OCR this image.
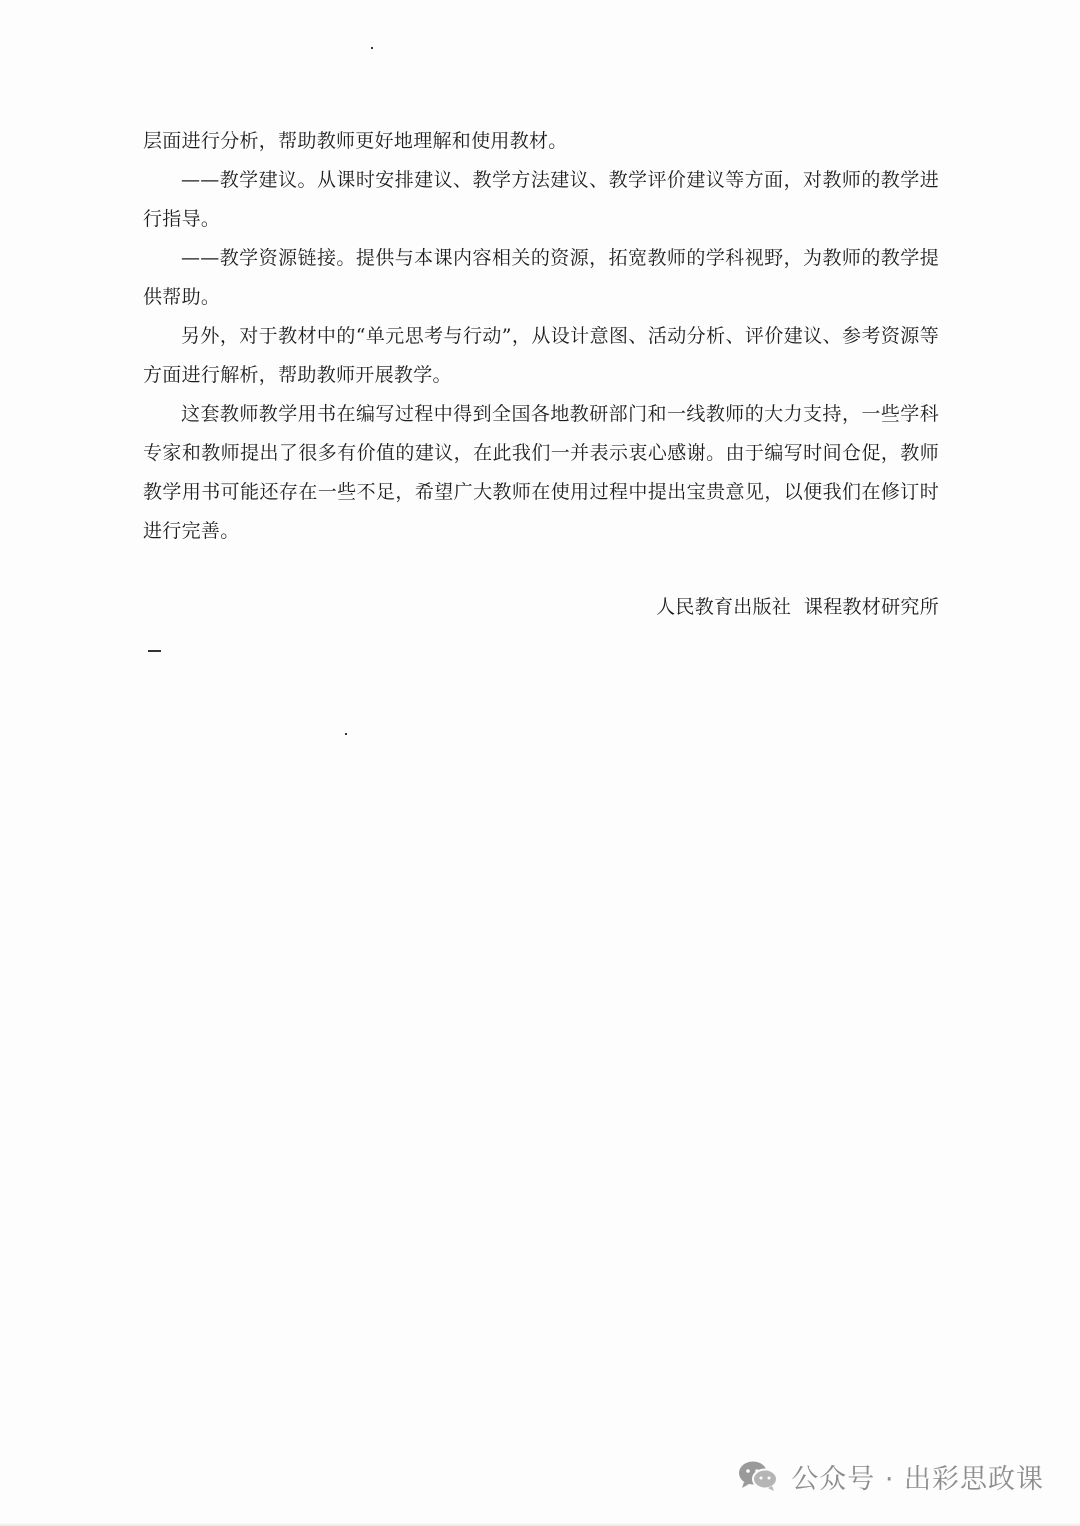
层面进行分析，帮助教师更好地理解和使用教材。

——教学建议。从课时安排建议、教学方法建议、教学评价建议等方面，对教师的教学进行指导。

——教学资源链接。提供与本课内容相关的资源，拓宽教师的学科视野，为教师的教学提供帮助。

另外，对于教材中的“单元思考与行动”，从设计意图、活动分析、评价建议、参考资源等方面进行解析，帮助教师开展教学。

这套教师教学用书在编写过程中得到全国各地教研部门和一线教师的大力支持，一些学科专家和教师提出了很多有价值的建议，在此我们一并表示衷心感谢。由于编写时间仓促，教师教学用书可能还存在一些不足，希望广大教师在使用过程中提出宝贵意见，以便我们在修订时进行完善。

人民教育出版社  课程教材研究所
公众号 · 出彩思政课
